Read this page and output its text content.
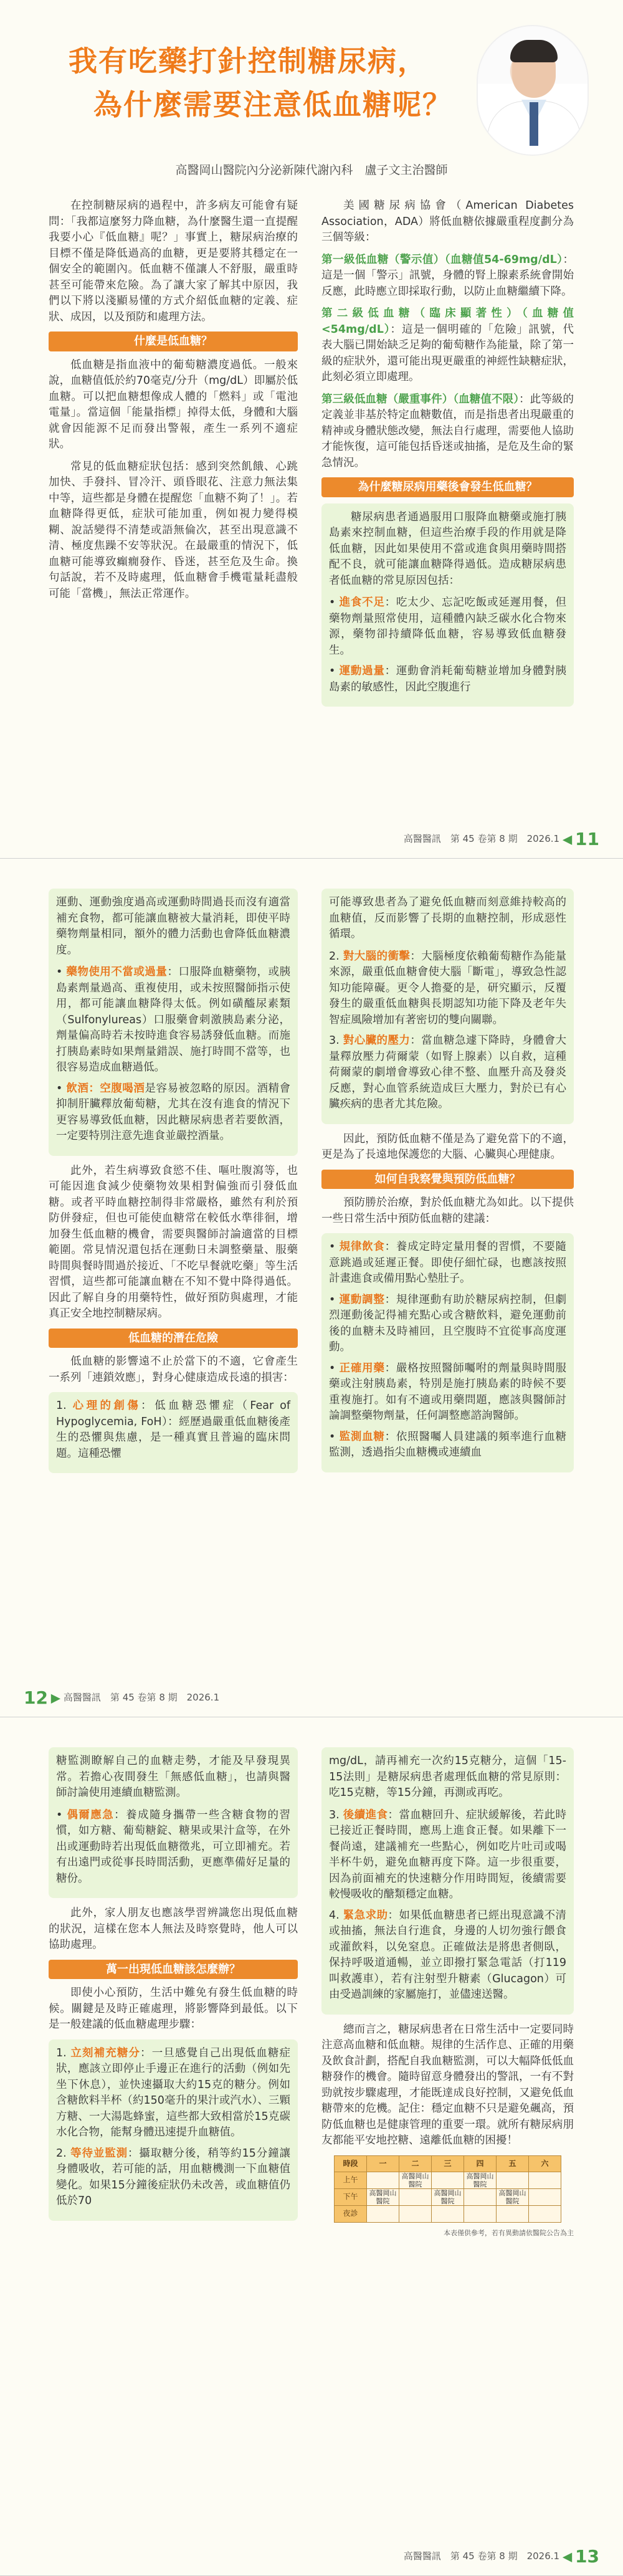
我有吃藥打針控制糖尿病，
為什麼需要注意低血糖呢？
高醫岡山醫院內分泌新陳代謝內科　盧子文主治醫師

在控制糖尿病的過程中，許多病友可能會有疑問：「我都這麼努力降血糖，為什麼醫生還一直提醒我要小心『低血糖』呢？」事實上，糖尿病治療的目標不僅是降低過高的血糖，更是要將其穩定在一個安全的範圍內。低血糖不僅讓人不舒服，嚴重時甚至可能帶來危險。為了讓大家了解其中原因，我們以下將以淺顯易懂的方式介紹低血糖的定義、症狀、成因，以及預防和處理方法。

什麼是低血糖？

低血糖是指血液中的葡萄糖濃度過低。一般來說，血糖值低於約70毫克/分升（mg/dL）即屬於低血糖。可以把血糖想像成人體的「燃料」或「電池電量」。當這個「能量指標」掉得太低，身體和大腦就會因能源不足而發出警報，產生一系列不適症狀。

常見的低血糖症狀包括：感到突然飢餓、心跳加快、手發抖、冒冷汗、頭昏眼花、注意力無法集中等，這些都是身體在提醒您「血糖不夠了！」。若血糖降得更低，症狀可能加重，例如視力變得模糊、說話變得不清楚或語無倫次，甚至出現意識不清、極度焦躁不安等狀況。在最嚴重的情況下，低血糖可能導致癲癇發作、昏迷，甚至危及生命。換句話說，若不及時處理，低血糖會手機電量耗盡般可能「當機」，無法正常運作。

美國糖尿病協會（American Diabetes Association，ADA）將低血糖依據嚴重程度劃分為三個等級：

第一級低血糖（警示值）（血糖值54-69mg/dL）：這是一個「警示」訊號，身體的腎上腺素系統會開始反應，此時應立即採取行動，以防止血糖繼續下降。

第二級低血糖（臨床顯著性）（血糖值<54mg/dL）：這是一個明確的「危險」訊號，代表大腦已開始缺乏足夠的葡萄糖作為能量，除了第一級的症狀外，還可能出現更嚴重的神經性缺糖症狀，此刻必須立即處理。

第三級低血糖（嚴重事件）（血糖值不限）：此等級的定義並非基於特定血糖數值，而是指患者出現嚴重的精神或身體狀態改變，無法自行處理，需要他人協助才能恢復，這可能包括昏迷或抽搐，是危及生命的緊急情況。

為什麼糖尿病用藥後會發生低血糖？

糖尿病患者通過服用口服降血糖藥或施打胰島素來控制血糖，但這些治療手段的作用就是降低血糖，因此如果使用不當或進食與用藥時間搭配不良，就可能讓血糖降得過低。造成糖尿病患者低血糖的常見原因包括：

• 進食不足：吃太少、忘記吃飯或延遲用餐，但藥物劑量照常使用，這種體內缺乏碳水化合物來源，藥物卻持續降低血糖，容易導致低血糖發生。
• 運動過量：運動會消耗葡萄糖並增加身體對胰島素的敏感性，因此空腹進行
高醫醫訊　第 45 卷第 8 期　2026.1 ◀ 11

運動、運動強度過高或運動時間過長而沒有適當補充食物，都可能讓血糖被大量消耗，即使平時藥物劑量相同，額外的體力活動也會降低血糖濃度。

• 藥物使用不當或過量：口服降血糖藥物，或胰島素劑量過高、重複使用，或未按照醫師指示使用，都可能讓血糖降得太低。例如磺醯尿素類（Sulfonylureas）口服藥會刺激胰島素分泌，劑量偏高時若未按時進食容易誘發低血糖。而施打胰島素時如果劑量錯誤、施打時間不當等，也很容易造成血糖過低。
• 飲酒：空腹喝酒是容易被忽略的原因。酒精會抑制肝臟釋放葡萄糖，尤其在沒有進食的情況下更容易導致低血糖，因此糖尿病患者若要飲酒，一定要特別注意先進食並嚴控酒量。

此外，若生病導致食慾不佳、嘔吐腹瀉等，也可能因進食減少使藥物效果相對偏強而引發低血糖。或者平時血糖控制得非常嚴格，雖然有利於預防併發症，但也可能使血糖常在較低水準徘徊，增加發生低血糖的機會，需要與醫師討論適當的目標範圍。常見情況還包括在運動日未調整藥量、服藥時間與餐時間過於接近、「不吃早餐就吃藥」等生活習慣，這些都可能讓血糖在不知不覺中降得過低。因此了解自身的用藥特性，做好預防與處理，才能真正安全地控制糖尿病。

低血糖的潛在危險

低血糖的影響遠不止於當下的不適，它會產生一系列「連鎖效應」，對身心健康造成長遠的損害：

1. 心理的創傷：低血糖恐懼症（Fear of Hypoglycemia, FoH）：經歷過嚴重低血糖後產生的恐懼與焦慮，是一種真實且普遍的臨床問題。這種恐懼

可能導致患者為了避免低血糖而刻意維持較高的血糖值，反而影響了長期的血糖控制，形成惡性循環。

2. 對大腦的衝擊：大腦極度依賴葡萄糖作為能量來源，嚴重低血糖會使大腦「斷電」，導致急性認知功能障礙。更令人擔憂的是，研究顯示，反覆發生的嚴重低血糖與長期認知功能下降及老年失智症風險增加有著密切的雙向關聯。
3. 對心臟的壓力：當血糖急遽下降時，身體會大量釋放壓力荷爾蒙（如腎上腺素）以自救，這種荷爾蒙的劇增會導致心律不整、血壓升高及發炎反應，對心血管系統造成巨大壓力，對於已有心臟疾病的患者尤其危險。

因此，預防低血糖不僅是為了避免當下的不適，更是為了長遠地保護您的大腦、心臟與心理健康。

如何自我察覺與預防低血糖？

預防勝於治療，對於低血糖尤為如此。以下提供一些日常生活中預防低血糖的建議：

• 規律飲食：養成定時定量用餐的習慣，不要隨意跳過或延遲正餐。即使仔細忙碌，也應該按照計畫進食或備用點心墊肚子。
• 運動調整：規律運動有助於糖尿病控制，但劇烈運動後記得補充點心或含糖飲料，避免運動前後的血糖未及時補回，且空腹時不宜從事高度運動。
• 正確用藥：嚴格按照醫師囑咐的劑量與時間服藥或注射胰島素，特別是施打胰島素的時候不要重複施打。如有不適或用藥問題，應該與醫師討論調整藥物劑量，任何調整應諮詢醫師。
• 監測血糖：依照醫囑人員建議的頻率進行血糖監測，透過指尖血糖機或連續血
12 ▶ 高醫醫訊　第 45 卷第 8 期　2026.1

糖監測瞭解自己的血糖走勢，才能及早發現異常。若擔心夜間發生「無感低血糖」，也請與醫師討論使用連續血糖監測。

• 偶爾應急：養成隨身攜帶一些含糖食物的習慣，如方糖、葡萄糖錠、糖果或果汁盒等，在外出或運動時若出現低血糖徵兆，可立即補充。若有出遠門或從事長時間活動，更應準備好足量的糖份。

此外，家人朋友也應該學習辨識您出現低血糖的狀況，這樣在您本人無法及時察覺時，他人可以協助處理。

萬一出現低血糖該怎麼辦？

即使小心預防，生活中難免有發生低血糖的時候。關鍵是及時正確處理，將影響降到最低。以下是一般建議的低血糖處理步驟：

1. 立刻補充糖分：一旦感覺自己出現低血糖症狀，應該立即停止手邊正在進行的活動（例如先坐下休息），並快速攝取大約15克的糖分。例如含糖飲料半杯（約150毫升的果汁或汽水）、三顆方糖、一大湯匙蜂蜜，這些都大致相當於15克碳水化合物，能幫身體迅速提升血糖值。
2. 等待並監測：攝取糖分後，稍等約15分鐘讓身體吸收，若可能的話，用血糖機測一下血糖值變化。如果15分鐘後症狀仍未改善，或血糖值仍低於70

mg/dL，請再補充一次約15克糖分，這個「15-15法則」是糖尿病患者處理低血糖的常見原則：吃15克糖，等15分鐘，再測或再吃。

3. 後續進食：當血糖回升、症狀緩解後，若此時已接近正餐時間，應馬上進食正餐。如果離下一餐尚遠，建議補充一些點心，例如吃片吐司或喝半杯牛奶，避免血糖再度下降。這一步很重要，因為前面補充的快速糖分作用時間短，後續需要較慢吸收的醣類穩定血糖。
4. 緊急求助：如果低血糖患者已經出現意識不清或抽搐，無法自行進食，身邊的人切勿強行餵食或灌飲料，以免窒息。正確做法是將患者側臥，保持呼吸道通暢，並立即撥打緊急電話（打119叫救護車），若有注射型升糖素（Glucagon）可由受過訓練的家屬施打，並儘速送醫。

總而言之，糖尿病患者在日常生活中一定要同時注意高血糖和低血糖。規律的生活作息、正確的用藥及飲食計劃，搭配自我血糖監測，可以大幅降低低血糖發作的機會。隨時留意身體發出的警訊，一有不對勁就按步驟處理，才能既達成良好控制，又避免低血糖帶來的危機。記住：穩定血糖不只是避免飆高，預防低血糖也是健康管理的重要一環。就所有糖尿病朋友都能平安地控糖、遠離低血糖的困擾！

時段	一	二	三	四	五	六
上午		高醫岡山醫院		高醫岡山醫院		
下午	高醫岡山醫院		高醫岡山醫院		高醫岡山醫院	
夜診						
本表僅供參考，若有異動請依醫院公告為主
高醫醫訊　第 45 卷第 8 期　2026.1 ◀ 13
